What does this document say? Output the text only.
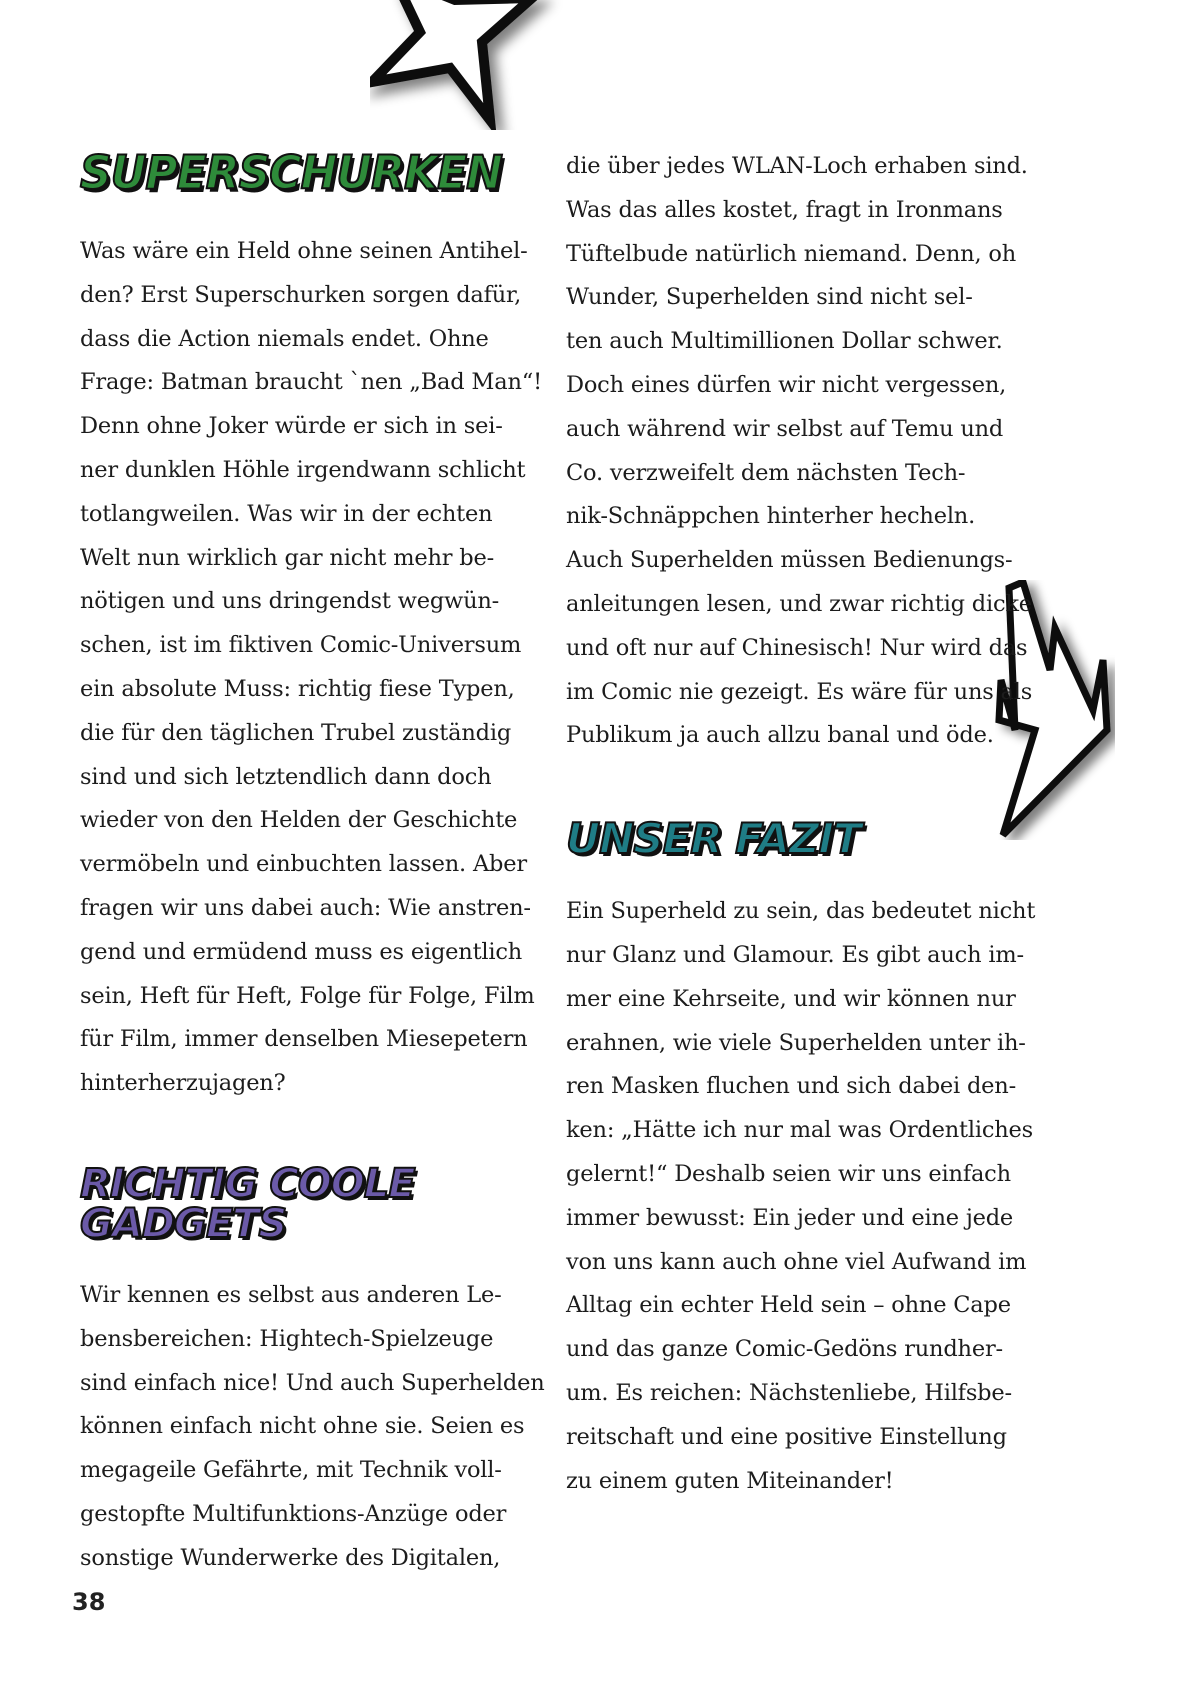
SUPERSCHURKEN
Was wäre ein Held ohne seinen Antihel-
den? Erst Superschurken sorgen dafür,
dass die Action niemals endet. Ohne
Frage: Batman braucht `nen „Bad Man“!
Denn ohne Joker würde er sich in sei-
ner dunklen Höhle irgendwann schlicht
totlangweilen. Was wir in der echten
Welt nun wirklich gar nicht mehr be-
nötigen und uns dringendst wegwün-
schen, ist im fiktiven Comic-Universum
ein absolute Muss: richtig fiese Typen,
die für den täglichen Trubel zuständig
sind und sich letztendlich dann doch
wieder von den Helden der Geschichte
vermöbeln und einbuchten lassen. Aber
fragen wir uns dabei auch: Wie anstren-
gend und ermüdend muss es eigentlich
sein, Heft für Heft, Folge für Folge, Film
für Film, immer denselben Miesepetern
hinterherzujagen?
RICHTIG COOLE GADGETS
Wir kennen es selbst aus anderen Le-
bensbereichen: Hightech-Spielzeuge
sind einfach nice! Und auch Superhelden
können einfach nicht ohne sie. Seien es
megageile Gefährte, mit Technik voll-
gestopfte Multifunktions-Anzüge oder
sonstige Wunderwerke des Digitalen,
die über jedes WLAN-Loch erhaben sind.
Was das alles kostet, fragt in Ironmans
Tüftelbude natürlich niemand. Denn, oh
Wunder, Superhelden sind nicht sel-
ten auch Multimillionen Dollar schwer.
Doch eines dürfen wir nicht vergessen,
auch während wir selbst auf Temu und
Co. verzweifelt dem nächsten Tech-
nik-Schnäppchen hinterher hecheln.
Auch Superhelden müssen Bedienungs-
anleitungen lesen, und zwar richtig dicke
und oft nur auf Chinesisch! Nur wird das
im Comic nie gezeigt. Es wäre für uns als
Publikum ja auch allzu banal und öde.
UNSER FAZIT
Ein Superheld zu sein, das bedeutet nicht
nur Glanz und Glamour. Es gibt auch im-
mer eine Kehrseite, und wir können nur
erahnen, wie viele Superhelden unter ih-
ren Masken fluchen und sich dabei den-
ken: „Hätte ich nur mal was Ordentliches
gelernt!“ Deshalb seien wir uns einfach
immer bewusst: Ein jeder und eine jede
von uns kann auch ohne viel Aufwand im
Alltag ein echter Held sein – ohne Cape
und das ganze Comic-Gedöns rundher-
um. Es reichen: Nächstenliebe, Hilfsbe-
reitschaft und eine positive Einstellung
zu einem guten Miteinander!
38
